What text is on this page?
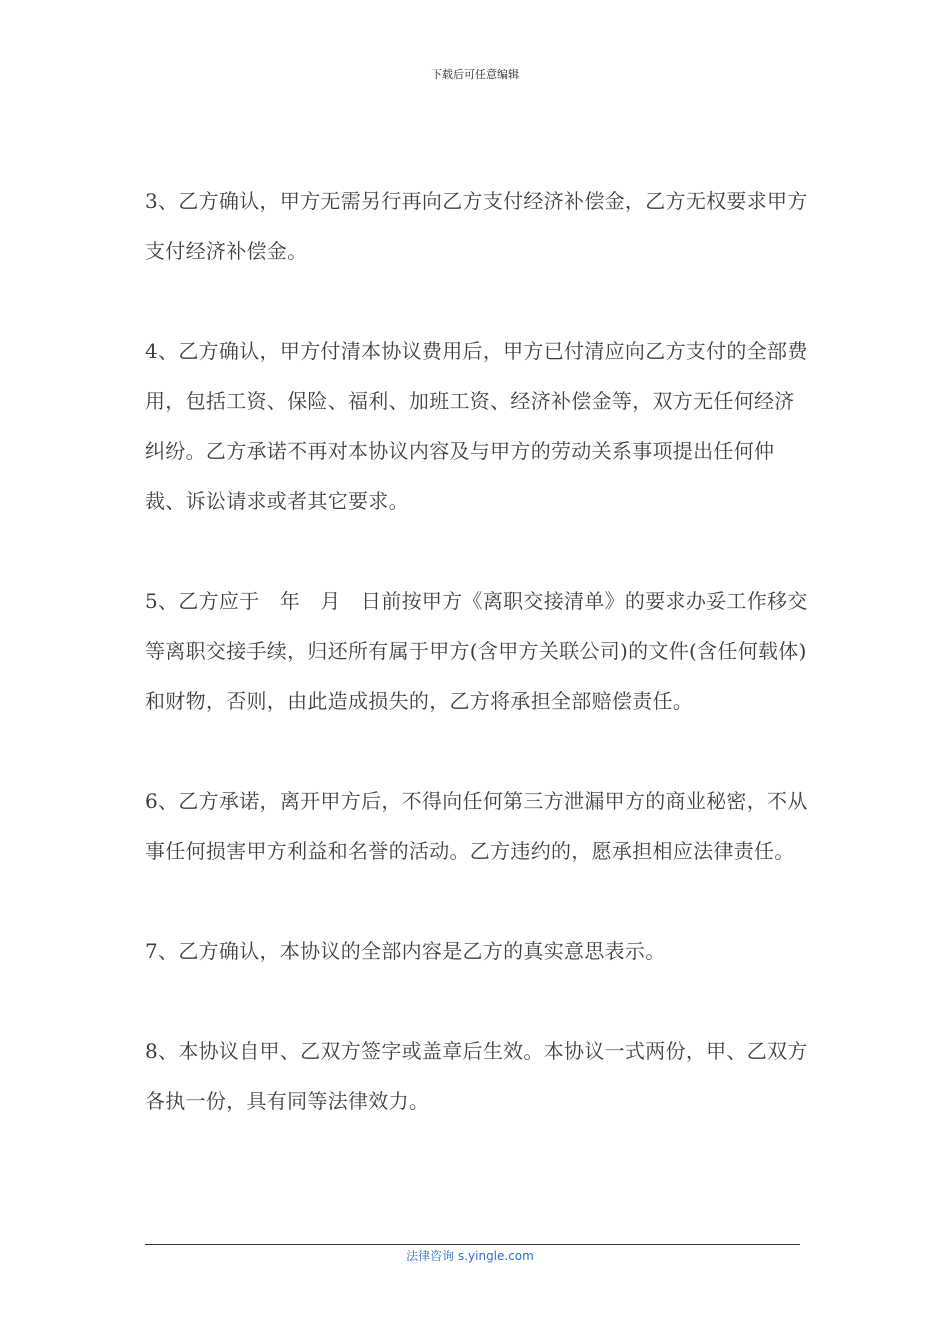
下载后可任意编辑

3、乙方确认，甲方无需另行再向乙方支付经济补偿金，乙方无权要求甲方支付经济补偿金。

4、乙方确认，甲方付清本协议费用后，甲方已付清应向乙方支付的全部费用，包括工资、保险、福利、加班工资、经济补偿金等，双方无任何经济纠纷。乙方承诺不再对本协议内容及与甲方的劳动关系事项提出任何仲裁、诉讼请求或者其它要求。

5、乙方应于　年　月　日前按甲方《离职交接清单》的要求办妥工作移交等离职交接手续，归还所有属于甲方(含甲方关联公司)的文件(含任何载体)和财物，否则，由此造成损失的，乙方将承担全部赔偿责任。

6、乙方承诺，离开甲方后，不得向任何第三方泄漏甲方的商业秘密，不从事任何损害甲方利益和名誉的活动。乙方违约的，愿承担相应法律责任。

7、乙方确认，本协议的全部内容是乙方的真实意思表示。

8、本协议自甲、乙双方签字或盖章后生效。本协议一式两份，甲、乙双方各执一份，具有同等法律效力。

法律咨询 s.yingle.com
